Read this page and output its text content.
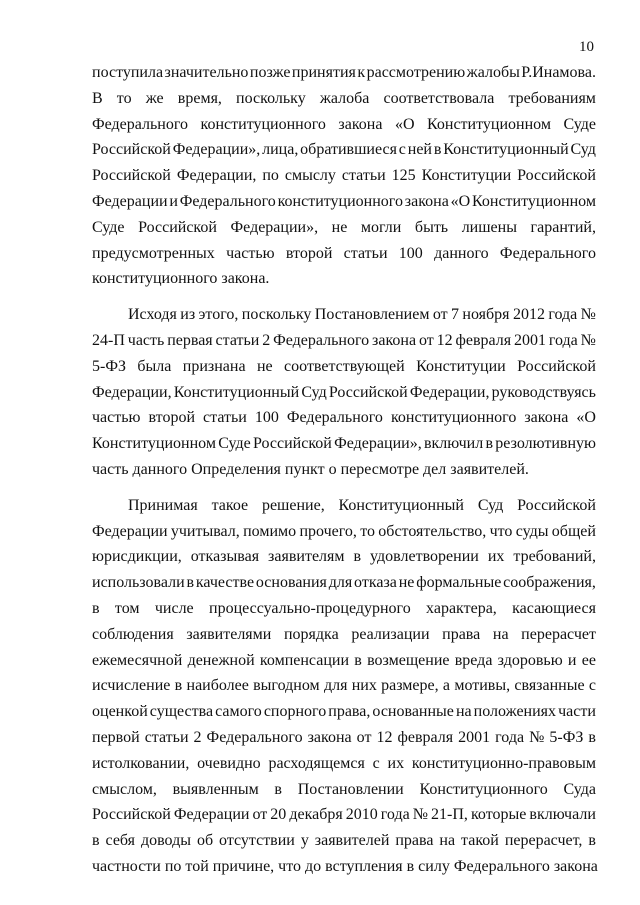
10
поступила значительно позже принятия к рассмотрению жалобы Р.Инамова.
В то же время, поскольку жалоба соответствовала требованиям
Федерального конституционного закона «О Конституционном Суде
Российской Федерации», лица, обратившиеся с ней в Конституционный Суд
Российской Федерации, по смыслу статьи 125 Конституции Российской
Федерации и Федерального конституционного закона «О Конституционном
Суде Российской Федерации», не могли быть лишены гарантий,
предусмотренных частью второй статьи 100 данного Федерального
конституционного закона.
Исходя из этого, поскольку Постановлением от 7 ноября 2012 года №
24-П часть первая статьи 2 Федерального закона от 12 февраля 2001 года №
5-ФЗ была признана не соответствующей Конституции Российской
Федерации, Конституционный Суд Российской Федерации, руководствуясь
частью второй статьи 100 Федерального конституционного закона «О
Конституционном Суде Российской Федерации», включил в резолютивную
часть данного Определения пункт о пересмотре дел заявителей.
Принимая такое решение, Конституционный Суд Российской
Федерации учитывал, помимо прочего, то обстоятельство, что суды общей
юрисдикции, отказывая заявителям в удовлетворении их требований,
использовали в качестве основания для отказа не формальные соображения,
в том числе процессуально-процедурного характера, касающиеся
соблюдения заявителями порядка реализации права на перерасчет
ежемесячной денежной компенсации в возмещение вреда здоровью и ее
исчисление в наиболее выгодном для них размере, а мотивы, связанные с
оценкой существа самого спорного права, основанные на положениях части
первой статьи 2 Федерального закона от 12 февраля 2001 года № 5-ФЗ в
истолковании, очевидно расходящемся с их конституционно-правовым
смыслом, выявленным в Постановлении Конституционного Суда
Российской Федерации от 20 декабря 2010 года № 21-П, которые включали
в себя доводы об отсутствии у заявителей права на такой перерасчет, в
частности по той причине, что до вступления в силу Федерального закона
